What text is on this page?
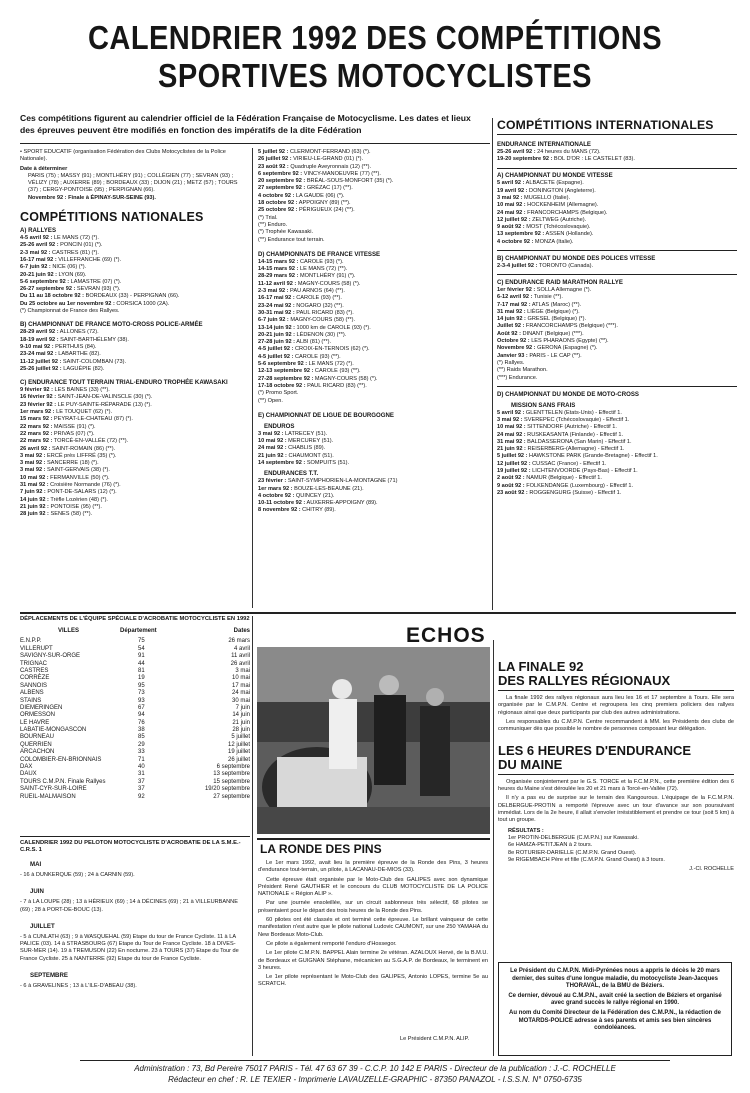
CALENDRIER 1992 DES COMPÉTITIONS
SPORTIVES MOTOCYCLISTES
Ces compétitions figurent au calendrier officiel de la Fédération Française de Motocyclisme. Les dates et lieux des épreuves peuvent être modifiés en fonction des impératifs de la dite Fédération	COMPÉTITIONS INTERNATIONALES
• SPORT EDUCATIF (organisation Fédération des Clubs Motocyclistes de la Police Nationale).
Date à déterminer
PARIS (75) ; MASSY (91) ; MONTLHÉRY (91) ; COLLÉGIEN (77) ; SEVRAN (93) ;
VÉLIZY (78) ; AUXERRE (89) ; BORDEAUX (33) ; DIJON (21) ; METZ (57) ; TOURS
(37) ; CERGY-PONTOISE (95) ; PERPIGNAN (66).
Novembre 92 : Finale à ÉPINAY-SUR-SEINE (93).
COMPÉTITIONS NATIONALES
A) RALLYES
4-5 avril 92 : LE MANS (72) (*).
25-26 avril 92 : PONCIN (01) (*).
2-3 mai 92 : CASTRES (81) (*).
16-17 mai 92 : VILLEFRANCHE (69) (*).
6-7 juin 92 : NICE (06) (*).
20-21 juin 92 : LYON (69).
5-6 septembre 92 : LAMASTRE (07) (*).
26-27 septembre 92 : SEVRAN (93) (*).
Du 11 au 18 octobre 92 : BORDEAUX (33) - PERPIGNAN (66).
Du 25 octobre au 1er novembre 92 : CORSICA 1000 (2A).
(*) Championnat de France des Rallyes.
B) CHAMPIONNAT DE FRANCE MOTO-CROSS POLICE-ARMÉE
28-29 avril 92 : ALLONES (72).
18-19 avril 92 : SAINT-BARTHÉLEMY (38).
9-10 mai 92 : PERTHUIS (84).
23-24 mai 92 : LABARTHE (82).
11-12 juillet 92 : SAINT-COLOMBAN (73).
25-26 juillet 92 : LAGUÉPIE (82).
C) ENDURANCE TOUT TERRAIN TRIAL-ENDURO TROPHÉE KAWASAKI
9 février 92 : LES BAINES (33) (**).
16 février 92 : SAINT-JEAN-DE-VALINSCLE (30) (*).
23 février 92 : LE PUY-SAINTE-RÉPARADE (13) (*).
1er mars 92 : LE TOUQUET (62) (*).
15 mars 92 : PEYRAT-LE-CHATEAU (87) (*).
22 mars 92 : MAISSE (91) (*).
22 mars 92 : PRIVAS (07) (*).
22 mars 92 : TORCÉ-EN-VALLÉE (72) (**).
26 avril 92 : SAINT-ROMAIN (86) (**).
3 mai 92 : ERCÉ près LIFFRÉ (35) (*).
3 mai 92 : SANCERRE (18) (*).
3 mai 92 : SAINT-GERVAIS (38) (*).
10 mai 92 : FERMANVILLE (50) (*).
31 mai 92 : Croisière Normande (76) (*).
7 juin 92 : PONT-DE-SALARS (12) (*).
14 juin 92 : Trèfle Lozérien (48) (*).
21 juin 92 : PONTOISE (95) (**).
28 juin 92 : SENES (58) (**).
5 juillet 92 : CLERMONT-FERRAND (63) (*).
26 juillet 92 : VIRIEU-LE-GRAND (01) (*).
23 août 92 : Quadruple Aveyronnais (12) (**).
6 septembre 92 : VINCY-MANOEUVRE (77) (**).
20 septembre 92 : BRÉAL-SOUS-MONFORT (35) (*).
27 septembre 92 : GRÉZAC (17) (**).
4 octobre 92 : LA GAUDE (06) (*).
18 octobre 92 : APPOIGNY (89) (**).
25 octobre 92 : PÉRIGUEUX (24) (**).
(*) Trial.
(**) Enduro.
(*) Trophée Kawasaki.
(**) Endurance tout terrain.
D) CHAMPIONNATS DE FRANCE VITESSE
14-15 mars 92 : CAROLE (93) (*).
14-15 mars 92 : LE MANS (72) (**).
28-29 mars 92 : MONTLHÉRY (91) (*).
11-12 avril 92 : MAGNY-COURS (58) (*).
2-3 mai 92 : PAU ARNOS (64) (**).
16-17 mai 92 : CAROLE (93) (**).
23-24 mai 92 : NOGARO (32) (**).
30-31 mai 92 : PAUL RICARD (83) (*).
6-7 juin 92 : MAGNY-COURS (58) (**).
13-14 juin 92 : 1000 km de CAROLE (93) (*).
20-21 juin 92 : LÉDENON (30) (**).
27-28 juin 92 : ALBI (81) (**).
4-5 juillet 92 : CROIX-EN-TERNOIS (62) (*).
4-5 juillet 92 : CAROLE (93) (**).
5-6 septembre 92 : LE MANS (72) (*).
12-13 septembre 92 : CAROLE (93) (**).
27-28 septembre 92 : MAGNY-COURS (58) (*).
17-18 octobre 92 : PAUL RICARD (83) (**).
(*) Promo Sport.
(**) Open.
E) CHAMPIONNAT DE LIGUE DE BOURGOGNE
ENDUROS
3 mai 92 : LATRECEY (51).
10 mai 92 : MERCUREY (51).
24 mai 92 : CHABLIS (89).
21 juin 92 : CHAUMONT (51).
14 septembre 92 : SOMPUITS (51).
ENDURANCES T.T.
23 février : SAINT-SYMPHORIEN-LA-MONTAGNE (71)
1er mars 92 : BOUZE-LES-BEAUNE (21).
4 octobre 92 : QUINCEY (21).
10-11 octobre 92 : AUXERRE-APPOIGNY (89).
8 novembre 92 : CHITRY (89).
ENDURANCE INTERNATIONALE
25-26 avril 92 : 24 heures du MANS (72).
19-20 septembre 92 : BOL D'OR : LE CASTELET (83).
A) CHAMPIONNAT DU MONDE VITESSE
5 avril 92 : ALBACETE (Espagne).
19 avril 92 : DONINGTON (Angleterre).
3 mai 92 : MUGELLO (Italie).
10 mai 92 : HOCKENHEIM (Allemagne).
24 mai 92 : FRANCORCHAMPS (Belgique).
12 juillet 92 : ZELTWEG (Autriche).
9 août 92 : MOST (Tchécoslovaquie).
13 septembre 92 : ASSEN (Hollande).
4 octobre 92 : MONZA (Italie).
B) CHAMPIONNAT DU MONDE DES POLICES VITESSE
2-3-4 juillet 92 : TORONTO (Canada).
C) ENDURANCE RAID MARATHON RALLYE
1er février 92 : SOLLA Allemagne (*).
6-12 avril 92 : Tunisie (**).
7-17 mai 92 : ATLAS (Maroc) (**).
31 mai 92 : LIÈGE (Belgique) (*).
14 juin 92 : GRESEL (Belgique) (*).
Juillet 92 : FRANCORCHAMPS (Belgique) (***).
Août 92 : DINANT (Belgique) (***).
Octobre 92 : LES PHARAONS (Egypte) (**).
Novembre 92 : GERONA (Espagne) (*).
Janvier 93 : PARIS - LE CAP (**).
(*) Rallyes.
(**) Raids Marathon.
(***) Endurance.
D) CHAMPIONNAT DU MONDE DE MOTO-CROSS
MISSION SANS FRAIS
5 avril 92 : GLENTTELEN (Etats-Unis) - Effectif 1.
3 mai 92 : SVEREPEC (Tchécoslovaquie) - Effectif 1.
10 mai 92 : SITTENDORF (Autriche) - Effectif 1.
24 mai 92 : RUSKEASANTA (Finlande) - Effectif 1.
31 mai 92 : BALDASSERONA (San Marin) - Effectif 1.
21 juin 92 : REISERBERG-(Allemagne) - Effectif 1.
5 juillet 92 : HAWKSTONE PARK (Grande-Bretagne) - Effectif 1.
12 juillet 92 : CUSSAC (France) - Effectif 1.
19 juillet 92 : LICHTENVOORDE (Pays-Bas) - Effectif 1.
2 août 92 : NAMUR (Belgique) - Effectif 1.
9 août 92 : FOLKENDANGE (Luxembourg) - Effectif 1.
23 août 92 : ROGGENGURG (Suisse) - Effectif 1.
DÉPLACEMENTS DE L'ÉQUIPE SPÉCIALE D'ACROBATIE MOTOCYCLISTE EN 1992
VILLES	Département	Dates
E.N.P.P.	75	26 mars
VILLERUPT	54	4 avril
SAVIGNY-SUR-ORGE	91	11 avril
TRIGNAC	44	26 avril
CASTRES	81	3 mai
CORRÈZE	19	10 mai
SANNOIS	95	17 mai
ALBENS	73	24 mai
STAINS	93	30 mai
DIEMERINGEN	67	7 juin
ORMESSON	94	14 juin
LE HAVRE	76	21 juin
LABATIE-MONGASCON	38	28 juin
BOURNEAU	85	5 juillet
QUERRIEN	29	12 juillet
ARCACHON	33	19 juillet
COLOMBIER-EN-BRIONNAIS	71	26 juillet
DAX	40	6 septembre
DAUX	31	13 septembre
TOURS C.M.P.N. Finale Rallyes	37	15 septembre
SAINT-CYR-SUR-LOIRE	37	19/20 septembre
RUEIL-MALMAISON	92	27 septembre
CALENDRIER 1992 DU PELOTON MOTOCYCLISTE D'ACROBATIE DE LA S.M.E.-C.R.S. 1
MAI
- 16 à DUNKERQUE (59) ; 24 à CARNIN (59).
JUIN
- 7 à LA LOUPE (28) ; 13 à HÉRIEUX (69) ; 14 à DÉCINES (69) ; 21 à VILLEURBANNE (69) ; 28 à PORT-DE-BOUC (13).
JUILLET
- 5 à CUNLATH (63) ; 9 à WASQUEHAL (59) Etape du tour de France Cycliste. 11 à LA PALICE (03). 14 à STRASBOURG (67) Etape du Tour de France Cycliste. 18 à DIVES-SUR-MER (14). 19 à TREMUSON (22) En nocturne. 23 à TOURS (37) Etape du Tour de France Cycliste. 25 à NANTERRE (92) Etape du tour de France Cycliste.
SEPTEMBRE
- 6 à GRAVELINES ; 13 à L'ILE-D'ABEAU (38).
ECHOS
LA RONDE DES PINS
Le 1er mars 1992, avait lieu la première épreuve de la Ronde des Pins, 3 heures d'endurance tout-terrain, un pilote, à LACANAU-DE-MIOS (33).
Cette épreuve était organisée par le Moto-Club des GALIPES avec son dynamique Président René GAUTHIER et le concours du CLUB MOTOCYCLISTE DE LA POLICE NATIONALE « Région ALIP ».
Par une journée ensoleillée, sur un circuit sablonneux très sélectif, 68 pilotes se présentaient pour le départ des trois heures de la Ronde des Pins.
60 pilotes ont été classés et ont terminé cette épreuve. Le brillant vainqueur de cette manifestation n'est autre que le pilote national Ludovic CAUMONT, sur une 250 YAMAHA du New Bordeaux Moto-Club.
Ce pilote a également remporté l'enduro d'Hossegor.
Le 1er pilote C.M.P.N. BAPPEL Alain termine 2e vétéran. AZALOUX Hervé, de la B.M.U. de Bordeaux et GUIGNAN Stéphane, mécanicien au S.G.A.P. de Bordeaux, le terminent en 3 heures.
Le 1er pilote représentant le Moto-Club des GALIPES, Antonio LOPES, termine 5e au SCRATCH.
Le Président C.M.P.N. ALIP.
LA FINALE 92
DES RALLYES RÉGIONAUX
La finale 1992 des rallyes régionaux aura lieu les 16 et 17 septembre à Tours. Elle sera organisée par le C.M.P.N. Centre et regroupera les cinq premiers policiers des rallyes régionaux ainsi que deux participants par club des autres administrations.
Les responsables du C.M.P.N. Centre recommandent à MM. les Présidents des clubs de communiquer dès que possible le nombre de personnes composant leur délégation.
LES 6 HEURES D'ENDURANCE
DU MAINE
Organisée conjointement par le G.S. TORCE et la F.C.M.P.N., cette première édition des 6 heures du Maine s'est déroulée les 20 et 21 mars à Torcé-en-Vallée (72).
Il n'y a pas eu de surprise sur le terrain des Kangourous. L'équipage de la F.C.M.P.N. DELBERGUE-PROTIN a remporté l'épreuve avec un tour d'avance sur son poursuivant immédiat. Lors de la 2e heure, il allait s'envoler irrésistiblement et prendre ce tour (soit 5 km) à tout un groupe.
RÉSULTATS :
1er PROTIN-DELBERGUE (C.M.P.N.) sur Kawasaki.
6e HAMZA-PETITJEAN à 2 tours.
8e ROTURIER-DARIELLE (C.M.P.N. Grand Ouest).
9e RIGEMBACH Père et fille (C.M.P.N. Grand Ouest) à 3 tours.
J.-Cl. ROCHELLE
Le Président du C.M.P.N. Midi-Pyrénées nous a appris le décès le 20 mars dernier, des suites d'une longue maladie, du motocycliste Jean-Jacques THORAVAL, de la BMU de Béziers.
Ce dernier, dévoué au C.M.P.N., avait créé la section de Béziers et organisé avec grand succès le rallye régional en 1990.
Au nom du Comité Directeur de la Fédération des C.M.P.N., la rédaction de MOTARDS-POLICE adresse à ses parents et amis ses bien sincères condoléances.
Administration : 73, Bd Pereire 75017 PARIS - Tél. 47 63 67 39 - C.C.P. 10 142 E PARIS - Directeur de la publication : J.-C. ROCHELLE
Rédacteur en chef : R. LE TEXIER - Imprimerie LAVAUZELLE-GRAPHIC - 87350 PANAZOL - I.S.S.N. N° 0750-6735
